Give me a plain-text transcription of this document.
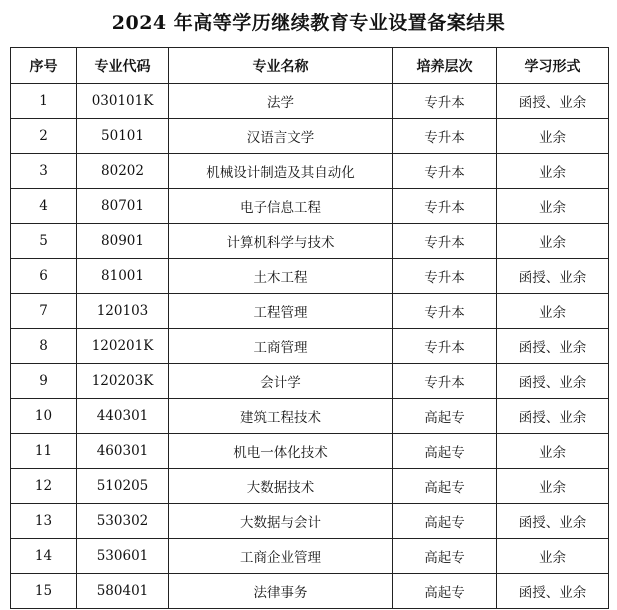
2024 年高等学历继续教育专业设置备案结果
序号	专业代码	专业名称	培养层次	学习形式
1	030101K	法学	专升本	函授、业余
2	50101	汉语言文学	专升本	业余
3	80202	机械设计制造及其自动化	专升本	业余
4	80701	电子信息工程	专升本	业余
5	80901	计算机科学与技术	专升本	业余
6	81001	土木工程	专升本	函授、业余
7	120103	工程管理	专升本	业余
8	120201K	工商管理	专升本	函授、业余
9	120203K	会计学	专升本	函授、业余
10	440301	建筑工程技术	高起专	函授、业余
11	460301	机电一体化技术	高起专	业余
12	510205	大数据技术	高起专	业余
13	530302	大数据与会计	高起专	函授、业余
14	530601	工商企业管理	高起专	业余
15	580401	法律事务	高起专	函授、业余
